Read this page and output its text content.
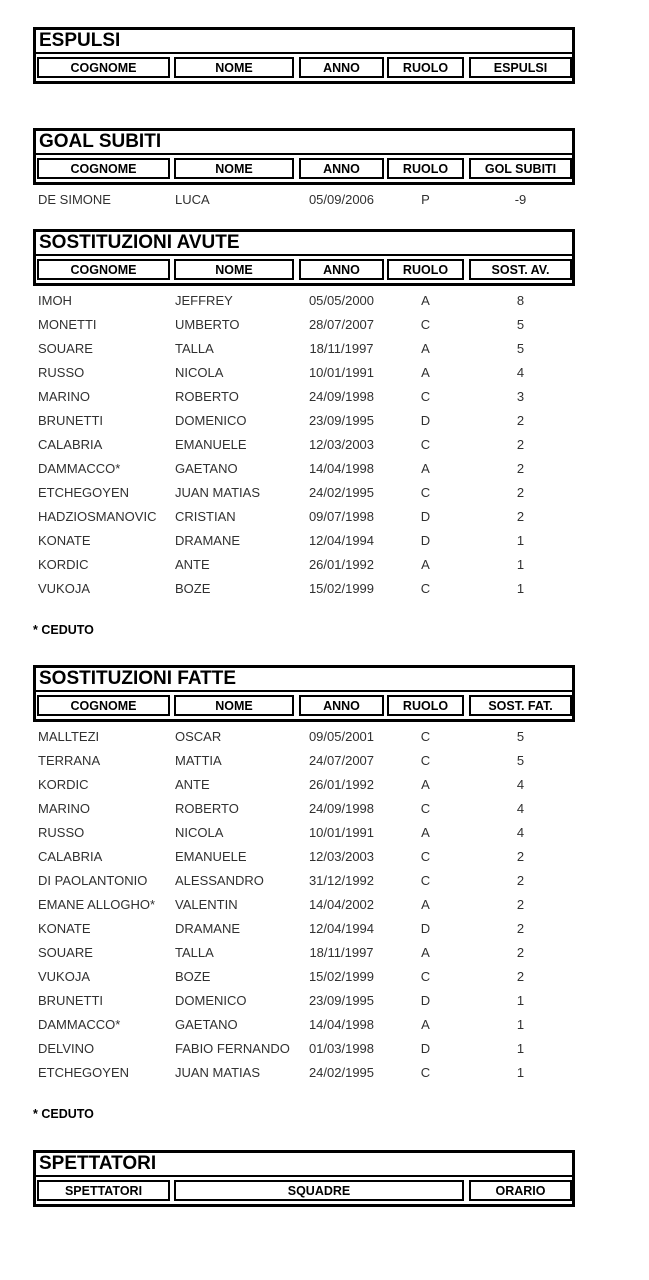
ESPULSI
COGNOME	NOME	ANNO	RUOLO	ESPULSI
GOAL SUBITI
COGNOME	NOME	ANNO	RUOLO	GOL SUBITI
DE SIMONE	LUCA	05/09/2006	P	-9
SOSTITUZIONI AVUTE
COGNOME	NOME	ANNO	RUOLO	SOST. AV.
IMOH	JEFFREY	05/05/2000	A	8
MONETTI	UMBERTO	28/07/2007	C	5
SOUARE	TALLA	18/11/1997	A	5
RUSSO	NICOLA	10/01/1991	A	4
MARINO	ROBERTO	24/09/1998	C	3
BRUNETTI	DOMENICO	23/09/1995	D	2
CALABRIA	EMANUELE	12/03/2003	C	2
DAMMACCO*	GAETANO	14/04/1998	A	2
ETCHEGOYEN	JUAN MATIAS	24/02/1995	C	2
HADZIOSMANOVIC	CRISTIAN	09/07/1998	D	2
KONATE	DRAMANE	12/04/1994	D	1
KORDIC	ANTE	26/01/1992	A	1
VUKOJA	BOZE	15/02/1999	C	1
* CEDUTO
SOSTITUZIONI FATTE
COGNOME	NOME	ANNO	RUOLO	SOST. FAT.
MALLTEZI	OSCAR	09/05/2001	C	5
TERRANA	MATTIA	24/07/2007	C	5
KORDIC	ANTE	26/01/1992	A	4
MARINO	ROBERTO	24/09/1998	C	4
RUSSO	NICOLA	10/01/1991	A	4
CALABRIA	EMANUELE	12/03/2003	C	2
DI PAOLANTONIO	ALESSANDRO	31/12/1992	C	2
EMANE ALLOGHO*	VALENTIN	14/04/2002	A	2
KONATE	DRAMANE	12/04/1994	D	2
SOUARE	TALLA	18/11/1997	A	2
VUKOJA	BOZE	15/02/1999	C	2
BRUNETTI	DOMENICO	23/09/1995	D	1
DAMMACCO*	GAETANO	14/04/1998	A	1
DELVINO	FABIO FERNANDO	01/03/1998	D	1
ETCHEGOYEN	JUAN MATIAS	24/02/1995	C	1
* CEDUTO
SPETTATORI
SPETTATORI	SQUADRE	ORARIO
